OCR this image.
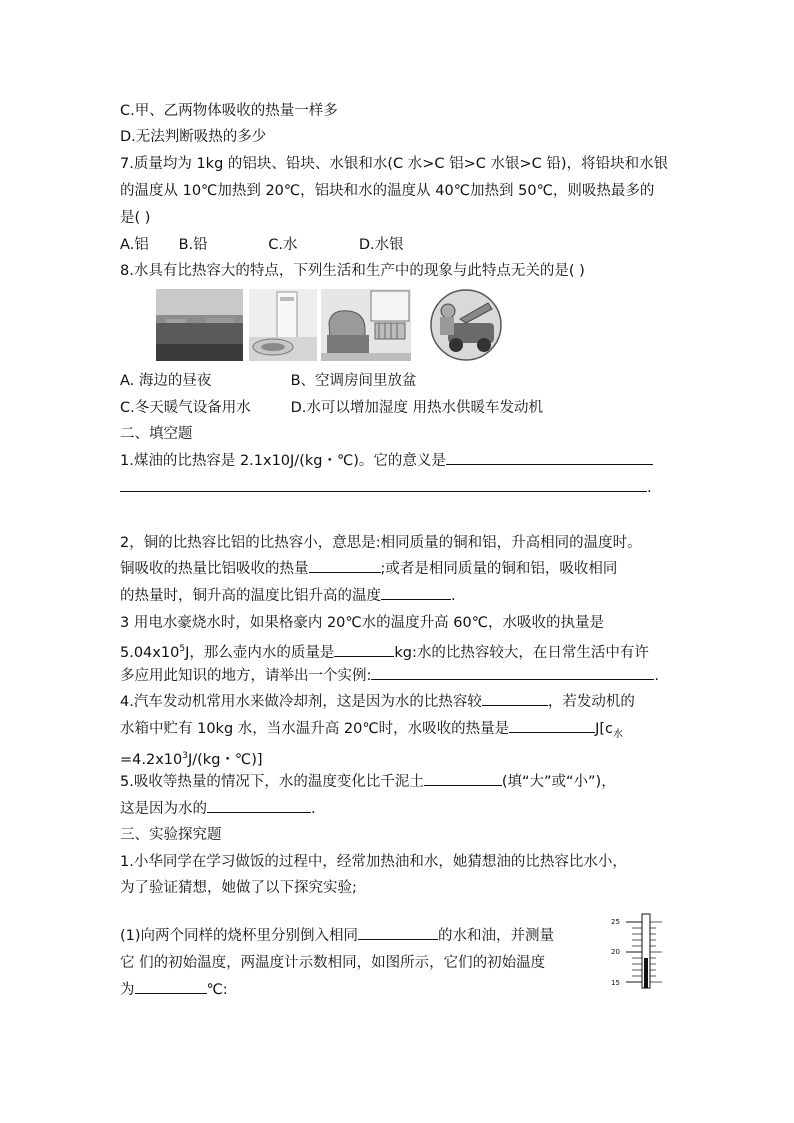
C.甲、乙两物体吸收的热量一样多
D.无法判断吸热的多少
7.质量均为 1kg 的铝块、铅块、水银和水(C 水>C 铝>C 水银>C 铅)，将铅块和水银
的温度从 10℃加热到 20℃，铝块和水的温度从 40℃加热到 50℃，则吸热最多的
是( )
A.铝 B.铅	C.水	D.水银
8.水具有比热容大的特点，下列生活和生产中的现象与此特点无关的是( )
A. 海边的昼夜	B、空调房间里放盆
C.冬天暖气设备用水	D.水可以增加湿度 用热水供暖车发动机
二、填空题
1.煤油的比热容是 2.1x10J/(kg・℃)。它的意义是
.
2，铜的比热容比铝的比热容小，意思是:相同质量的铜和铝，升高相同的温度时。
铜吸收的热量比铝吸收的热量	;或者是相同质量的铜和铝，吸收相同
的热量时，铜升高的温度比铝升高的温度	.
3 用电水豪烧水时，如果格豪内 20℃水的温度升高 60℃，水吸收的执量是
$5.04x10^5J$，那么壶内水的质量是	kg:水的比热容较大，在日常生活中有许
多应用此知识的地方，请举出一个实例:	.
4.汽车发动机常用水来做冷却剂，这是因为水的比热容较	，若发动机的
水箱中贮有 10kg 水，当水温升高 20℃时，水吸收的热量是	$J[c_水$
$=4.2x10^3J/(kg$・℃)]
5.吸收等热量的情况下，水的温度变化比千泥土	(填“大”或“小”)，
这是因为水的	.
三、实验探究题
1.小华同学在学习做饭的过程中，经常加热油和水，她猜想油的比热容比水小，
为了验证猜想，她做了以下探究实验;
(1)向两个同样的烧杯里分别倒入相同	的水和油，并测量
它 们的初始温度，两温度计示数相同，如图所示，它们的初始温度
为	℃:
25
20
15
